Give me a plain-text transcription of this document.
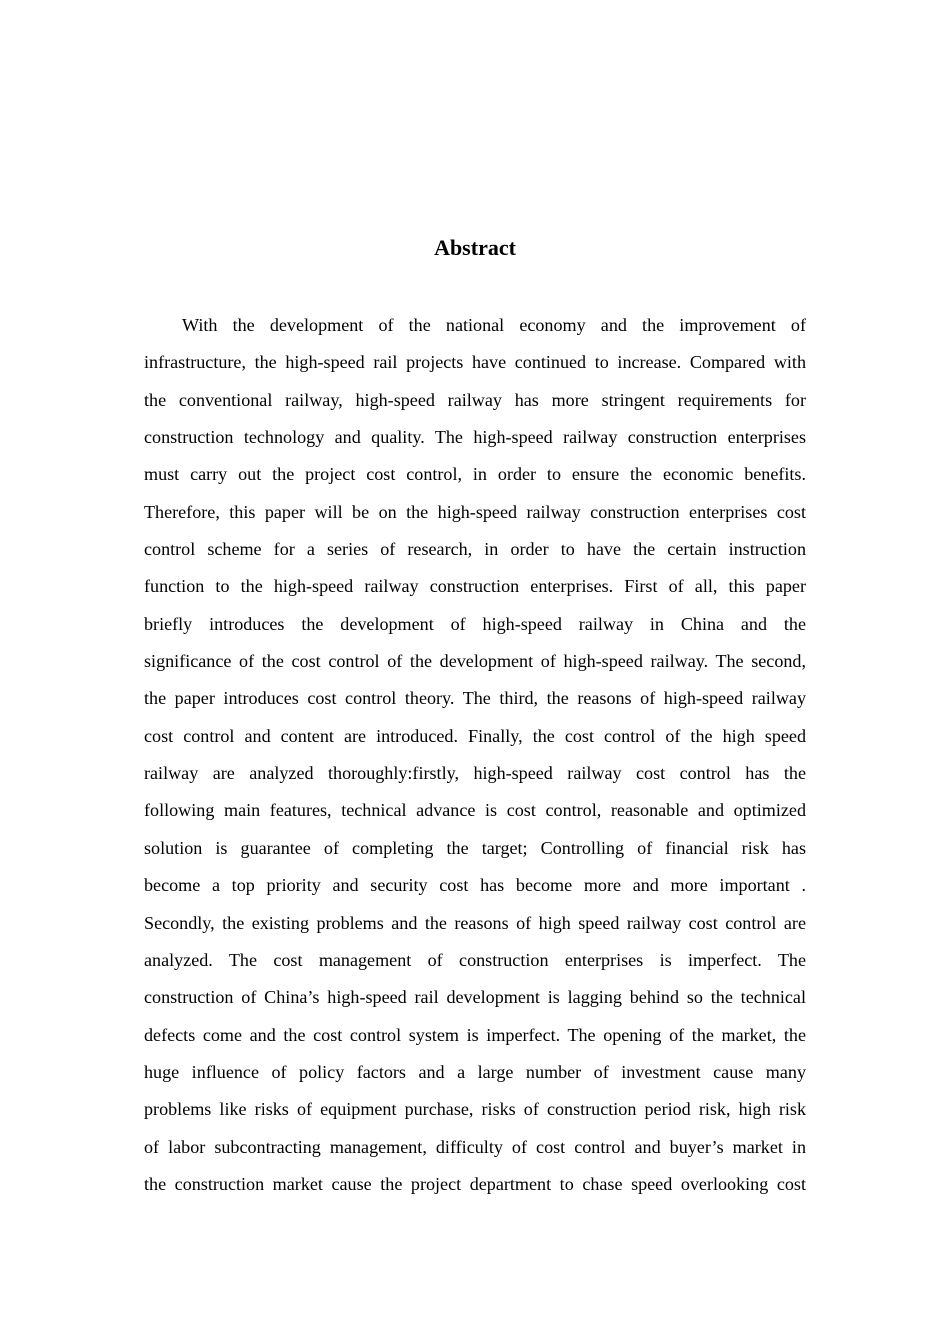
Abstract
With the development of the national economy and the improvement of
infrastructure, the high-speed rail projects have continued to increase. Compared with
the conventional railway, high-speed railway has more stringent requirements for
construction technology and quality. The high-speed railway construction enterprises
must carry out the project cost control, in order to ensure the economic benefits.
Therefore, this paper will be on the high-speed railway construction enterprises cost
control scheme for a series of research, in order to have the certain instruction
function to the high-speed railway construction enterprises. First of all, this paper
briefly introduces the development of high-speed railway in China and the
significance of the cost control of the development of high-speed railway. The second,
the paper introduces cost control theory. The third, the reasons of high-speed railway
cost control and content are introduced. Finally, the cost control of the high speed
railway are analyzed thoroughly:firstly, high-speed railway cost control has the
following main features, technical advance is cost control, reasonable and optimized
solution is guarantee of completing the target; Controlling of financial risk has
become a top priority and security cost has become more and more important .
Secondly, the existing problems and the reasons of high speed railway cost control are
analyzed. The cost management of construction enterprises is imperfect. The
construction of China’s high-speed rail development is lagging behind so the technical
defects come and the cost control system is imperfect. The opening of the market, the
huge influence of policy factors and a large number of investment cause many
problems like risks of equipment purchase, risks of construction period risk, high risk
of labor subcontracting management, difficulty of cost control and buyer’s market in
the construction market cause the project department to chase speed overlooking cost
